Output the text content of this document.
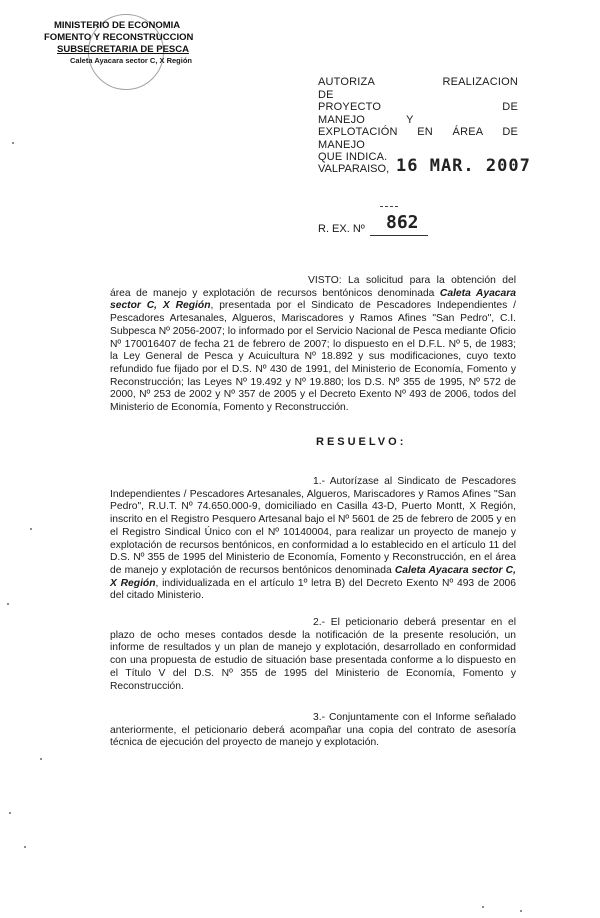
MINISTERIO DE ECONOMIA
FOMENTO Y RECONSTRUCCION
SUBSECRETARIA DE PESCA
Caleta Ayacara sector C, X Región
AUTORIZA REALIZACION DE
PROYECTO DE MANEJO Y
EXPLOTACIÓN EN ÁREA DE MANEJO
QUE INDICA.
VALPARAISO, 16 MAR. 2007
R. EX. Nº 862
VISTO: La solicitud para la obtención del área de manejo y explotación de recursos bentónicos denominada Caleta Ayacara sector C, X Región, presentada por el Sindicato de Pescadores Independientes / Pescadores Artesanales, Algueros, Mariscadores y Ramos Afines "San Pedro", C.I. Subpesca Nº 2056-2007; lo informado por el Servicio Nacional de Pesca mediante Oficio Nº 170016407 de fecha 21 de febrero de 2007; lo dispuesto en el D.F.L. Nº 5, de 1983; la Ley General de Pesca y Acuicultura Nº 18.892 y sus modificaciones, cuyo texto refundido fue fijado por el D.S. Nº 430 de 1991, del Ministerio de Economía, Fomento y Reconstrucción; las Leyes Nº 19.492 y Nº 19.880; los D.S. Nº 355 de 1995, Nº 572 de 2000, Nº 253 de 2002 y Nº 357 de 2005 y el Decreto Exento Nº 493 de 2006, todos del Ministerio de Economía, Fomento y Reconstrucción.
RESUELVO:
1.- Autorízase al Sindicato de Pescadores Independientes / Pescadores Artesanales, Algueros, Mariscadores y Ramos Afines "San Pedro", R.U.T. Nº 74.650.000-9, domiciliado en Casilla 43-D, Puerto Montt, X Región, inscrito en el Registro Pesquero Artesanal bajo el Nº 5601 de 25 de febrero de 2005 y en el Registro Sindical Único con el Nº 10140004, para realizar un proyecto de manejo y explotación de recursos bentónicos, en conformidad a lo establecido en el artículo 11 del D.S. Nº 355 de 1995 del Ministerio de Economía, Fomento y Reconstrucción, en el área de manejo y explotación de recursos bentónicos denominada Caleta Ayacara sector C, X Región, individualizada en el artículo 1º letra B) del Decreto Exento Nº 493 de 2006 del citado Ministerio.
2.- El peticionario deberá presentar en el plazo de ocho meses contados desde la notificación de la presente resolución, un informe de resultados y un plan de manejo y explotación, desarrollado en conformidad con una propuesta de estudio de situación base presentada conforme a lo dispuesto en el Título V del D.S. Nº 355 de 1995 del Ministerio de Economía, Fomento y Reconstrucción.
3.- Conjuntamente con el Informe señalado anteriormente, el peticionario deberá acompañar una copia del contrato de asesoría técnica de ejecución del proyecto de manejo y explotación.
